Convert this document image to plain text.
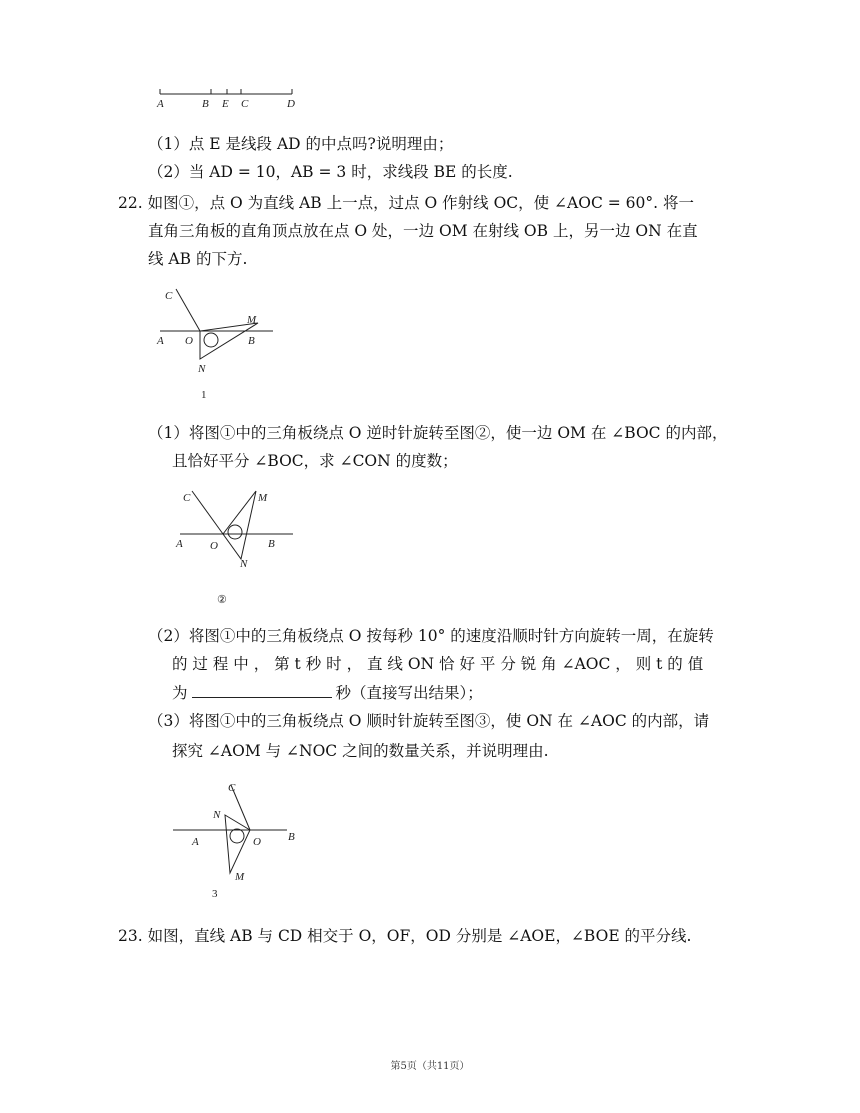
A	B E C	D
（1）点 E 是线段 AD 的中点吗?说明理由；
（2）当 AD = 10，AB = 3 时，求线段 BE 的长度.
22. 如图①，点 O 为直线 AB 上一点，过点 O 作射线 OC，使 ∠AOC = 60°. 将一
直角三角板的直角顶点放在点 O 处，一边 OM 在射线 OB 上，另一边 ON 在直
线 AB 的下方.
C
M
A O	B
N
1
（1）将图①中的三角板绕点 O 逆时针旋转至图②，使一边 OM 在 ∠BOC 的内部，
且恰好平分 ∠BOC，求 ∠CON 的度数；
C	M
A O	B
N
②
（2）将图①中的三角板绕点 O 按每秒 10° 的速度沿顺时针方向旋转一周，在旋转
的 过 程 中 ， 第 t 秒 时 ， 直 线 ON 恰 好 平 分 锐 角 ∠AOC ， 则 t 的 值
为	秒（直接写出结果）；
（3）将图①中的三角板绕点 O 顺时针旋转至图③，使 ON 在 ∠AOC 的内部，请
探究 ∠AOM 与 ∠NOC 之间的数量关系，并说明理由.
C
N
A	O B
M
3
23. 如图，直线 AB 与 CD 相交于 O，OF，OD 分别是 ∠AOE，∠BOE 的平分线.
第5页（共11页）
